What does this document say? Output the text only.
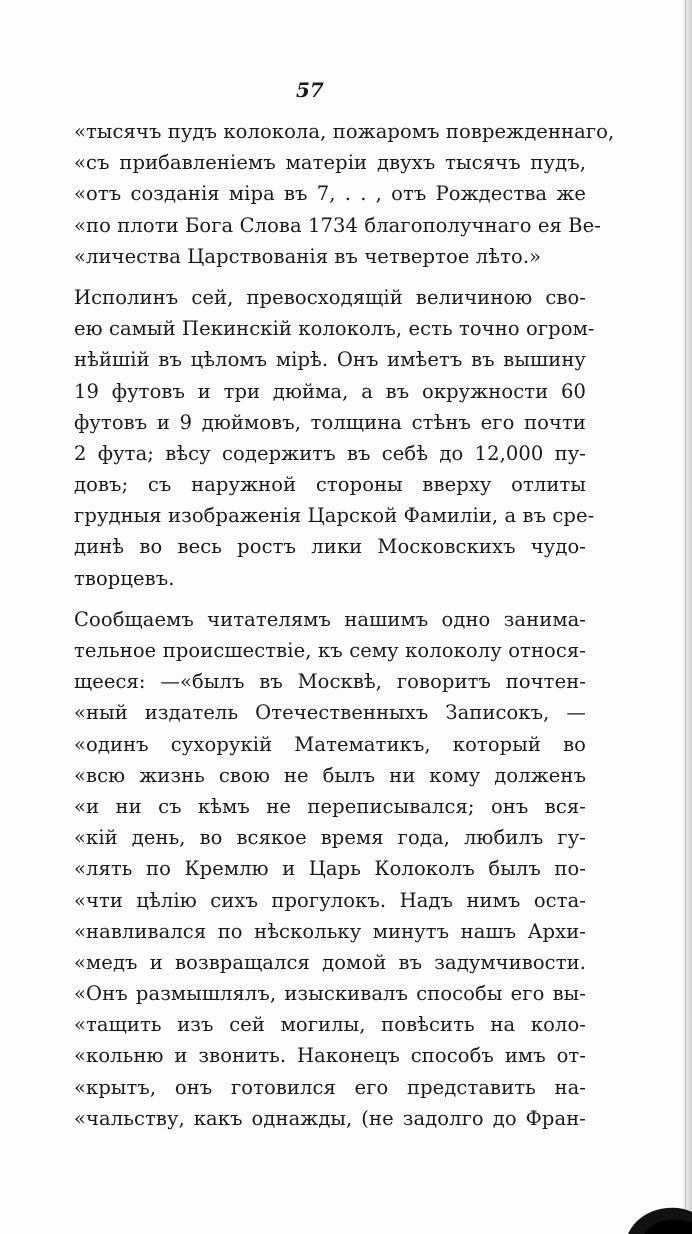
57
«тысячъ пудъ колокола, пожаромъ поврежденнаго,
«съ прибавленіемъ матеріи двухъ тысячъ пудъ,
«отъ созданія міра въ 7, . . , отъ Рождества же
«по плоти Бога Слова 1734 благополучнаго ея Ве-
«личества Царствованія въ четвертое лѣто.»
Исполинъ сей, превосходящій величиною сво-
ею самый Пекинскій колоколъ, есть точно огром-
нѣйшій въ цѣломъ мірѣ. Онъ имѣетъ въ вышину
19 футовъ и три дюйма, а въ окружности 60
футовъ и 9 дюймовъ, толщина стѣнъ его почти
2 фута; вѣсу содержитъ въ себѣ до 12,000 пу-
довъ; съ наружной стороны вверху отлиты
грудныя изображенія Царской Фамиліи, а въ сре-
динѣ во весь ростъ лики Московскихъ чудо-
творцевъ.
Сообщаемъ читателямъ нашимъ одно занима-
тельное происшествіе, къ сему колоколу относя-
щееся: —«былъ въ Москвѣ, говоритъ почтен-
«ный издатель Отечественныхъ Записокъ, —
«одинъ сухорукій Математикъ, который во
«всю жизнь свою не былъ ни кому долженъ
«и ни съ кѣмъ не переписывался; онъ вся-
«кій день, во всякое время года, любилъ гу-
«лять по Кремлю и Царь Колоколъ былъ по-
«чти цѣлію сихъ прогулокъ. Надъ нимъ оста-
«навливался по нѣскольку минутъ нашъ Архи-
«медъ и возвращался домой въ задумчивости.
«Онъ размышлялъ, изыскивалъ способы его вы-
«тащить изъ сей могилы, повѣсить на коло-
«кольню и звонить. Наконецъ способъ имъ от-
«крытъ, онъ готовился его представить на-
«чальству, какъ однажды, (не задолго до Фран-
